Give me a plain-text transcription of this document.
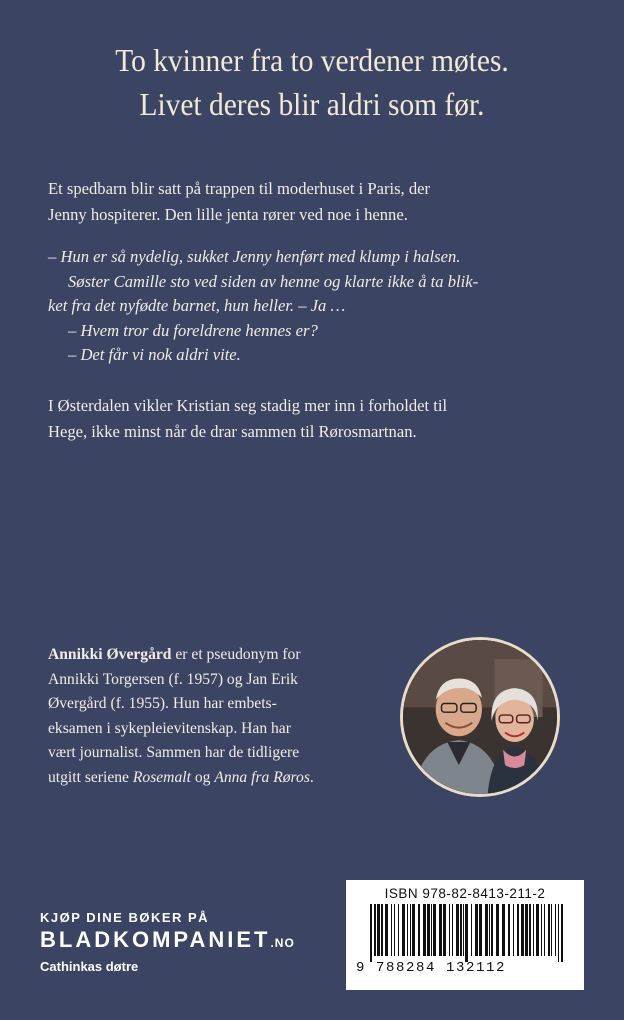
To kvinner fra to verdener møtes.
Livet deres blir aldri som før.
Et spedbarn blir satt på trappen til moderhuset i Paris, der
Jenny hospiterer. Den lille jenta rører ved noe i henne.
– Hun er så nydelig, sukket Jenny henført med klump i halsen.
Søster Camille sto ved siden av henne og klarte ikke å ta blik-
ket fra det nyfødte barnet, hun heller. – Ja …
– Hvem tror du foreldrene hennes er?
– Det får vi nok aldri vite.
I Østerdalen vikler Kristian seg stadig mer inn i forholdet til
Hege, ikke minst når de drar sammen til Rørosmartnan.
Annikki Øvergård er et pseudonym for
Annikki Torgersen (f. 1957) og Jan Erik
Øvergård (f. 1955). Hun har embets-
eksamen i sykepleievitenskap. Han har
vært journalist. Sammen har de tidligere
utgitt seriene Rosemalt og Anna fra Røros.
KJØP DINE BØKER PÅ
BLADKOMPANIET.NO
Cathinkas døtre
ISBN 978-82-8413-211-2
9 788284 132112
